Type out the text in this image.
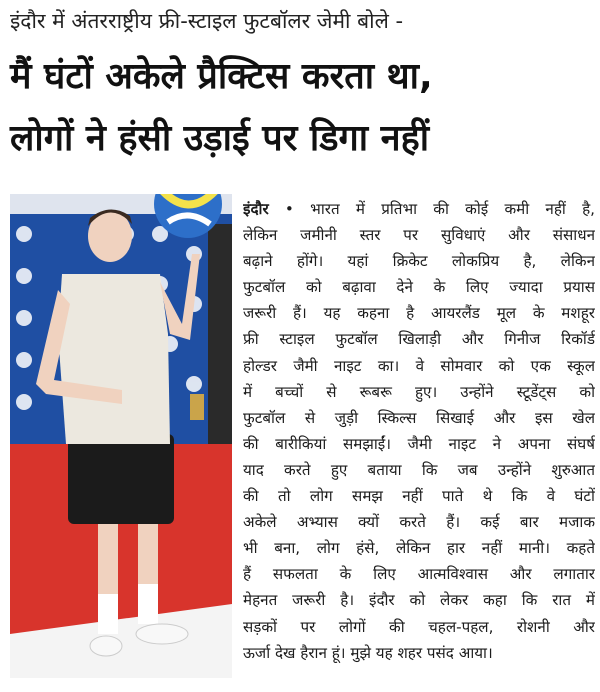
इंदौर में अंतरराष्ट्रीय फ्री-स्टाइल फुटबॉलर जेमी बोले -
मैं घंटों अकेले प्रैक्टिस करता था,
लोगों ने हंसी उड़ाई पर डिगा नहीं
इंदौर • भारत में प्रतिभा की कोई कमी नहीं है,
लेकिन जमीनी स्तर पर सुविधाएं और संसाधन
बढ़ाने होंगे। यहां क्रिकेट लोकप्रिय है, लेकिन
फुटबॉल को बढ़ावा देने के लिए ज्यादा प्रयास
जरूरी हैं। यह कहना है आयरलैंड मूल के मशहूर
फ्री स्टाइल फुटबॉल खिलाड़ी और गिनीज रिकॉर्ड
होल्डर जैमी नाइट का। वे सोमवार को एक स्कूल
में बच्चों से रूबरू हुए। उन्होंने स्टूडेंट्स को
फुटबॉल से जुड़ी स्किल्स सिखाई और इस खेल
की बारीकियां समझाईं। जैमी नाइट ने अपना संघर्ष
याद करते हुए बताया कि जब उन्होंने शुरुआत
की तो लोग समझ नहीं पाते थे कि वे घंटों
अकेले अभ्यास क्यों करते हैं। कई बार मजाक
भी बना, लोग हंसे, लेकिन हार नहीं मानी। कहते
हैं सफलता के लिए आत्मविश्वास और लगातार
मेहनत जरूरी है। इंदौर को लेकर कहा कि रात में
सड़कों पर लोगों की चहल-पहल, रोशनी और
ऊर्जा देख हैरान हूं। मुझे यह शहर पसंद आया।
